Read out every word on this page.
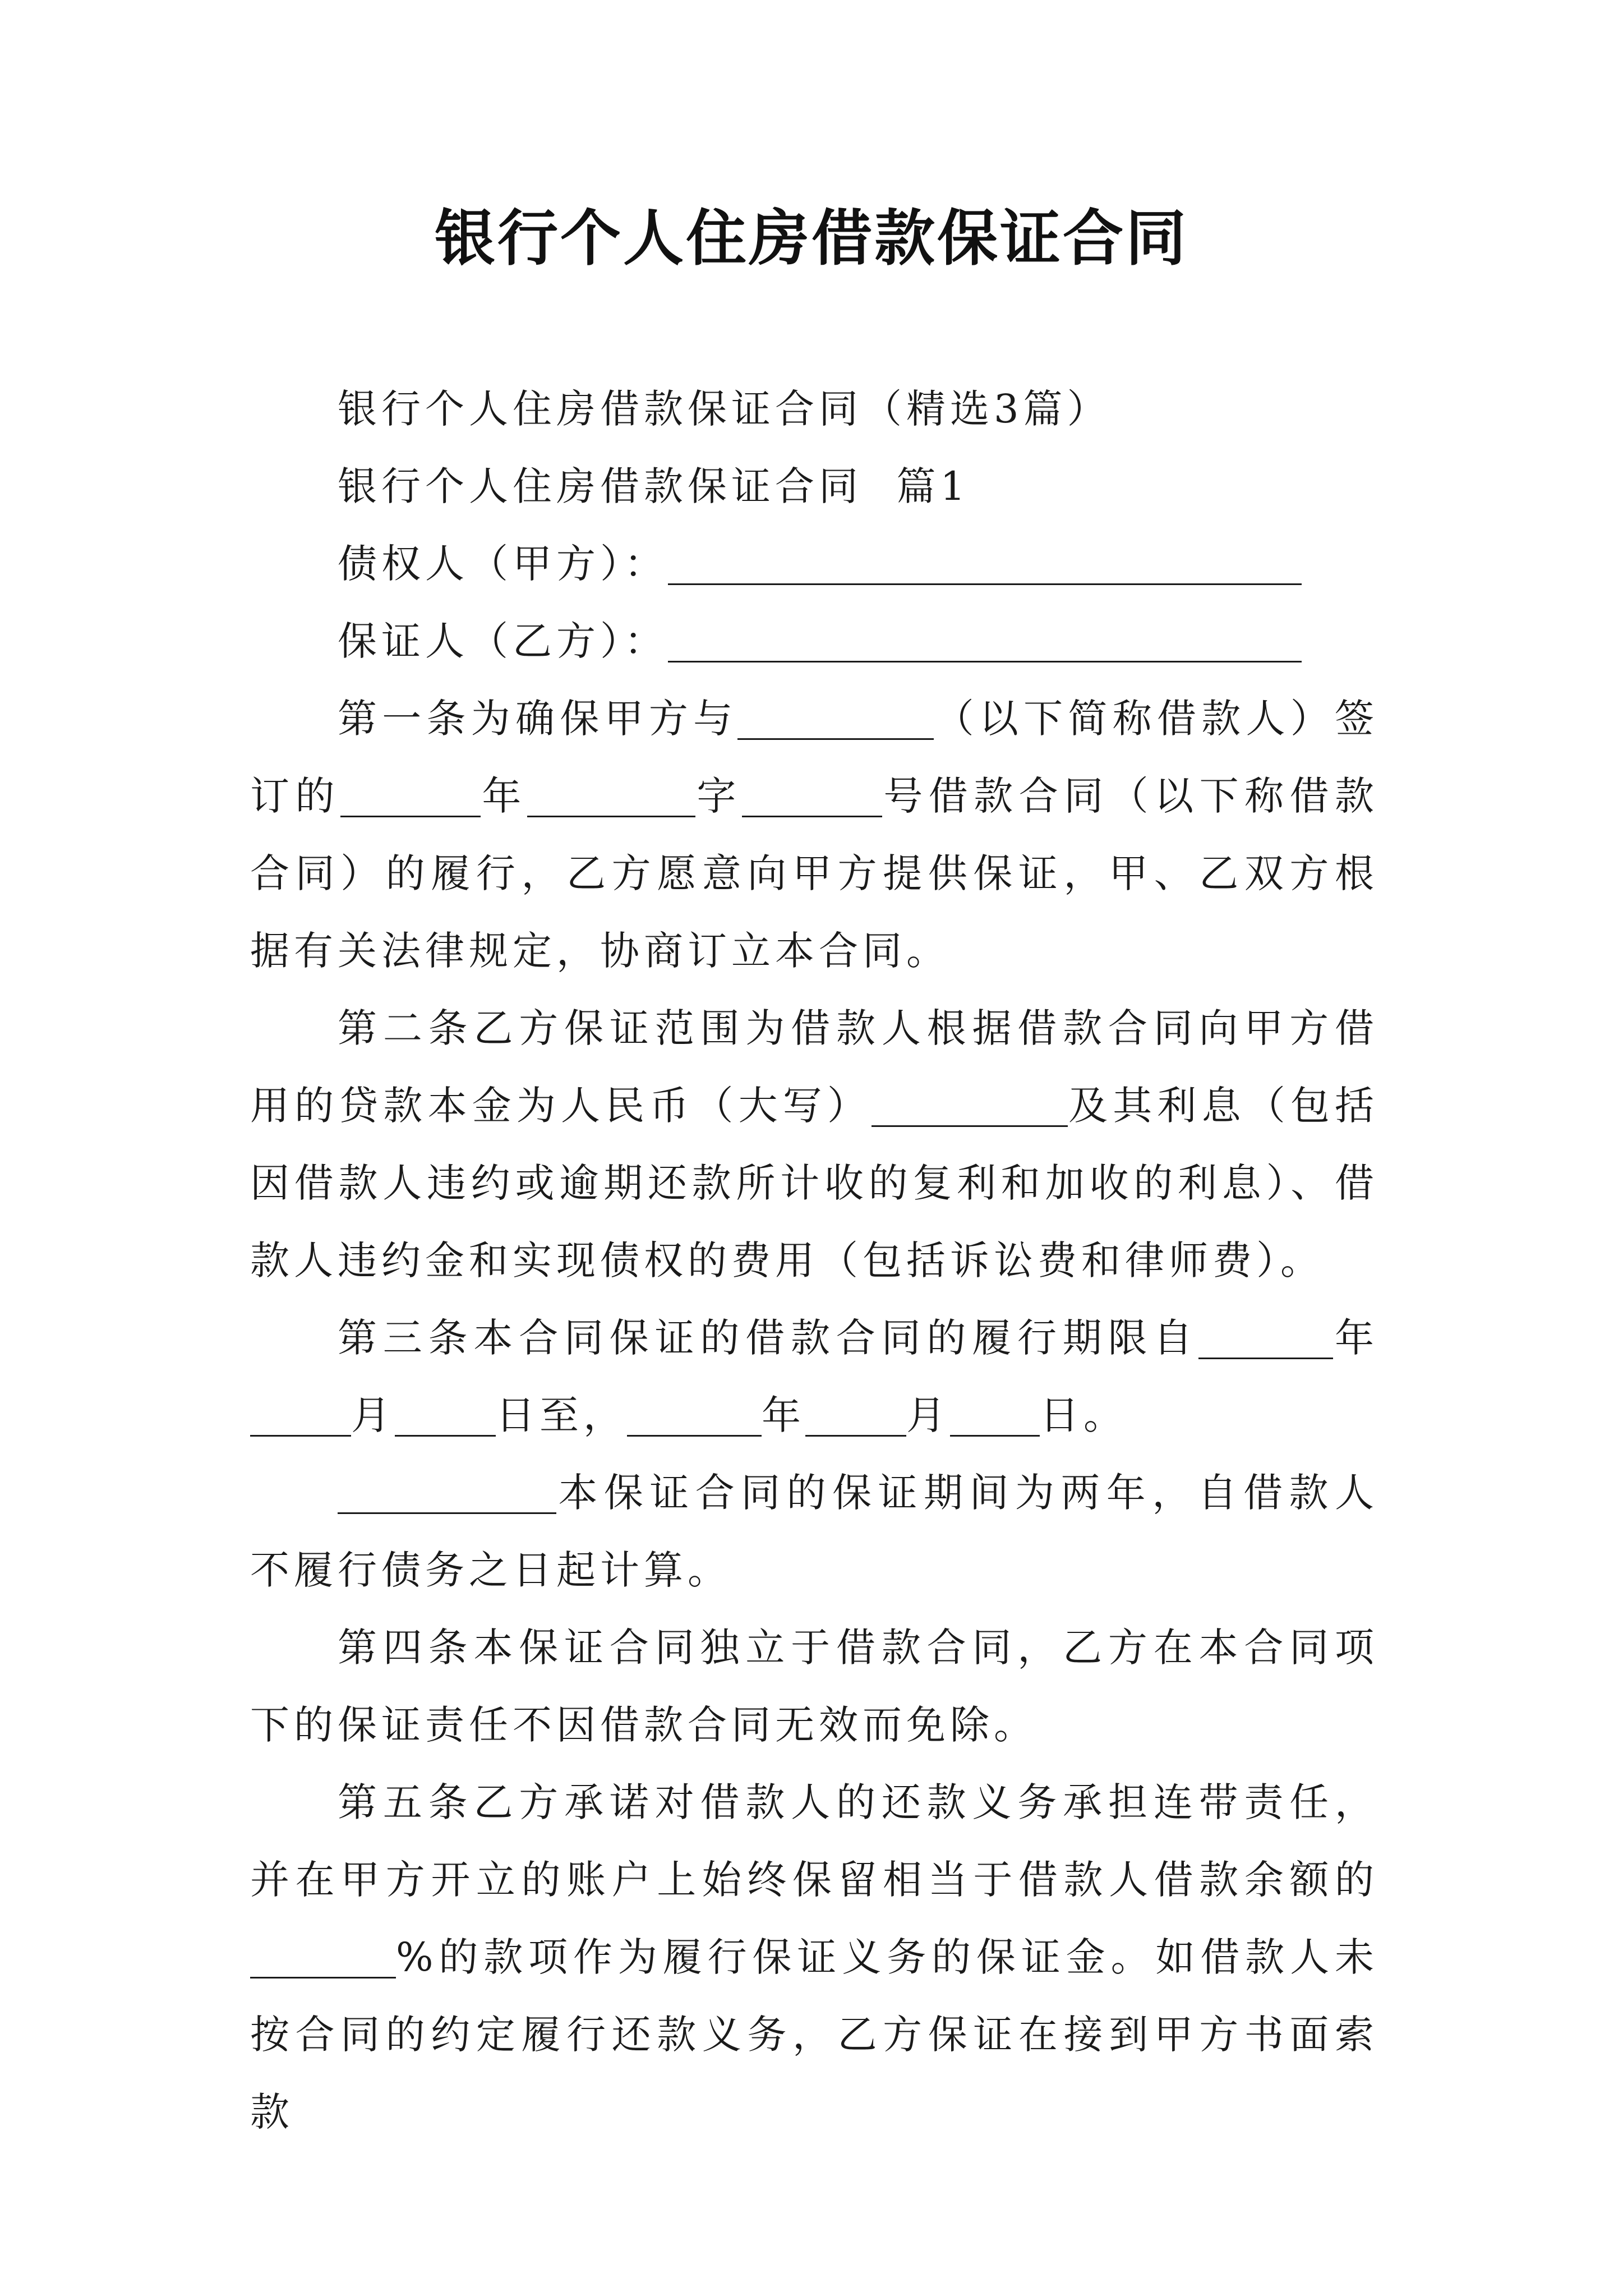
银行个人住房借款保证合同

银行个人住房借款保证合同（精选3篇）

银行个人住房借款保证合同  篇1

债权人（甲方）：

保证人（乙方）：

第一条为确保甲方与	（以下简称借款人）签订的	年	字	号借款合同（以下称借款合同）的履行，乙方愿意向甲方提供保证，甲、乙双方根据有关法律规定，协商订立本合同。

第二条乙方保证范围为借款人根据借款合同向甲方借用的贷款本金为人民币（大写）	及其利息（包括因借款人违约或逾期还款所计收的复利和加收的利息）、借款人违约金和实现债权的费用（包括诉讼费和律师费）。

第三条本合同保证的借款合同的履行期限自	年月	日至，	年	月 日。

本保证合同的保证期间为两年，自借款人不履行债务之日起计算。

第四条本保证合同独立于借款合同，乙方在本合同项下的保证责任不因借款合同无效而免除。

第五条乙方承诺对借款人的还款义务承担连带责任，并在甲方开立的账户上始终保留相当于借款人借款余额的%的款项作为履行保证义务的保证金。如借款人未按合同的约定履行还款义务，乙方保证在接到甲方书面索款
